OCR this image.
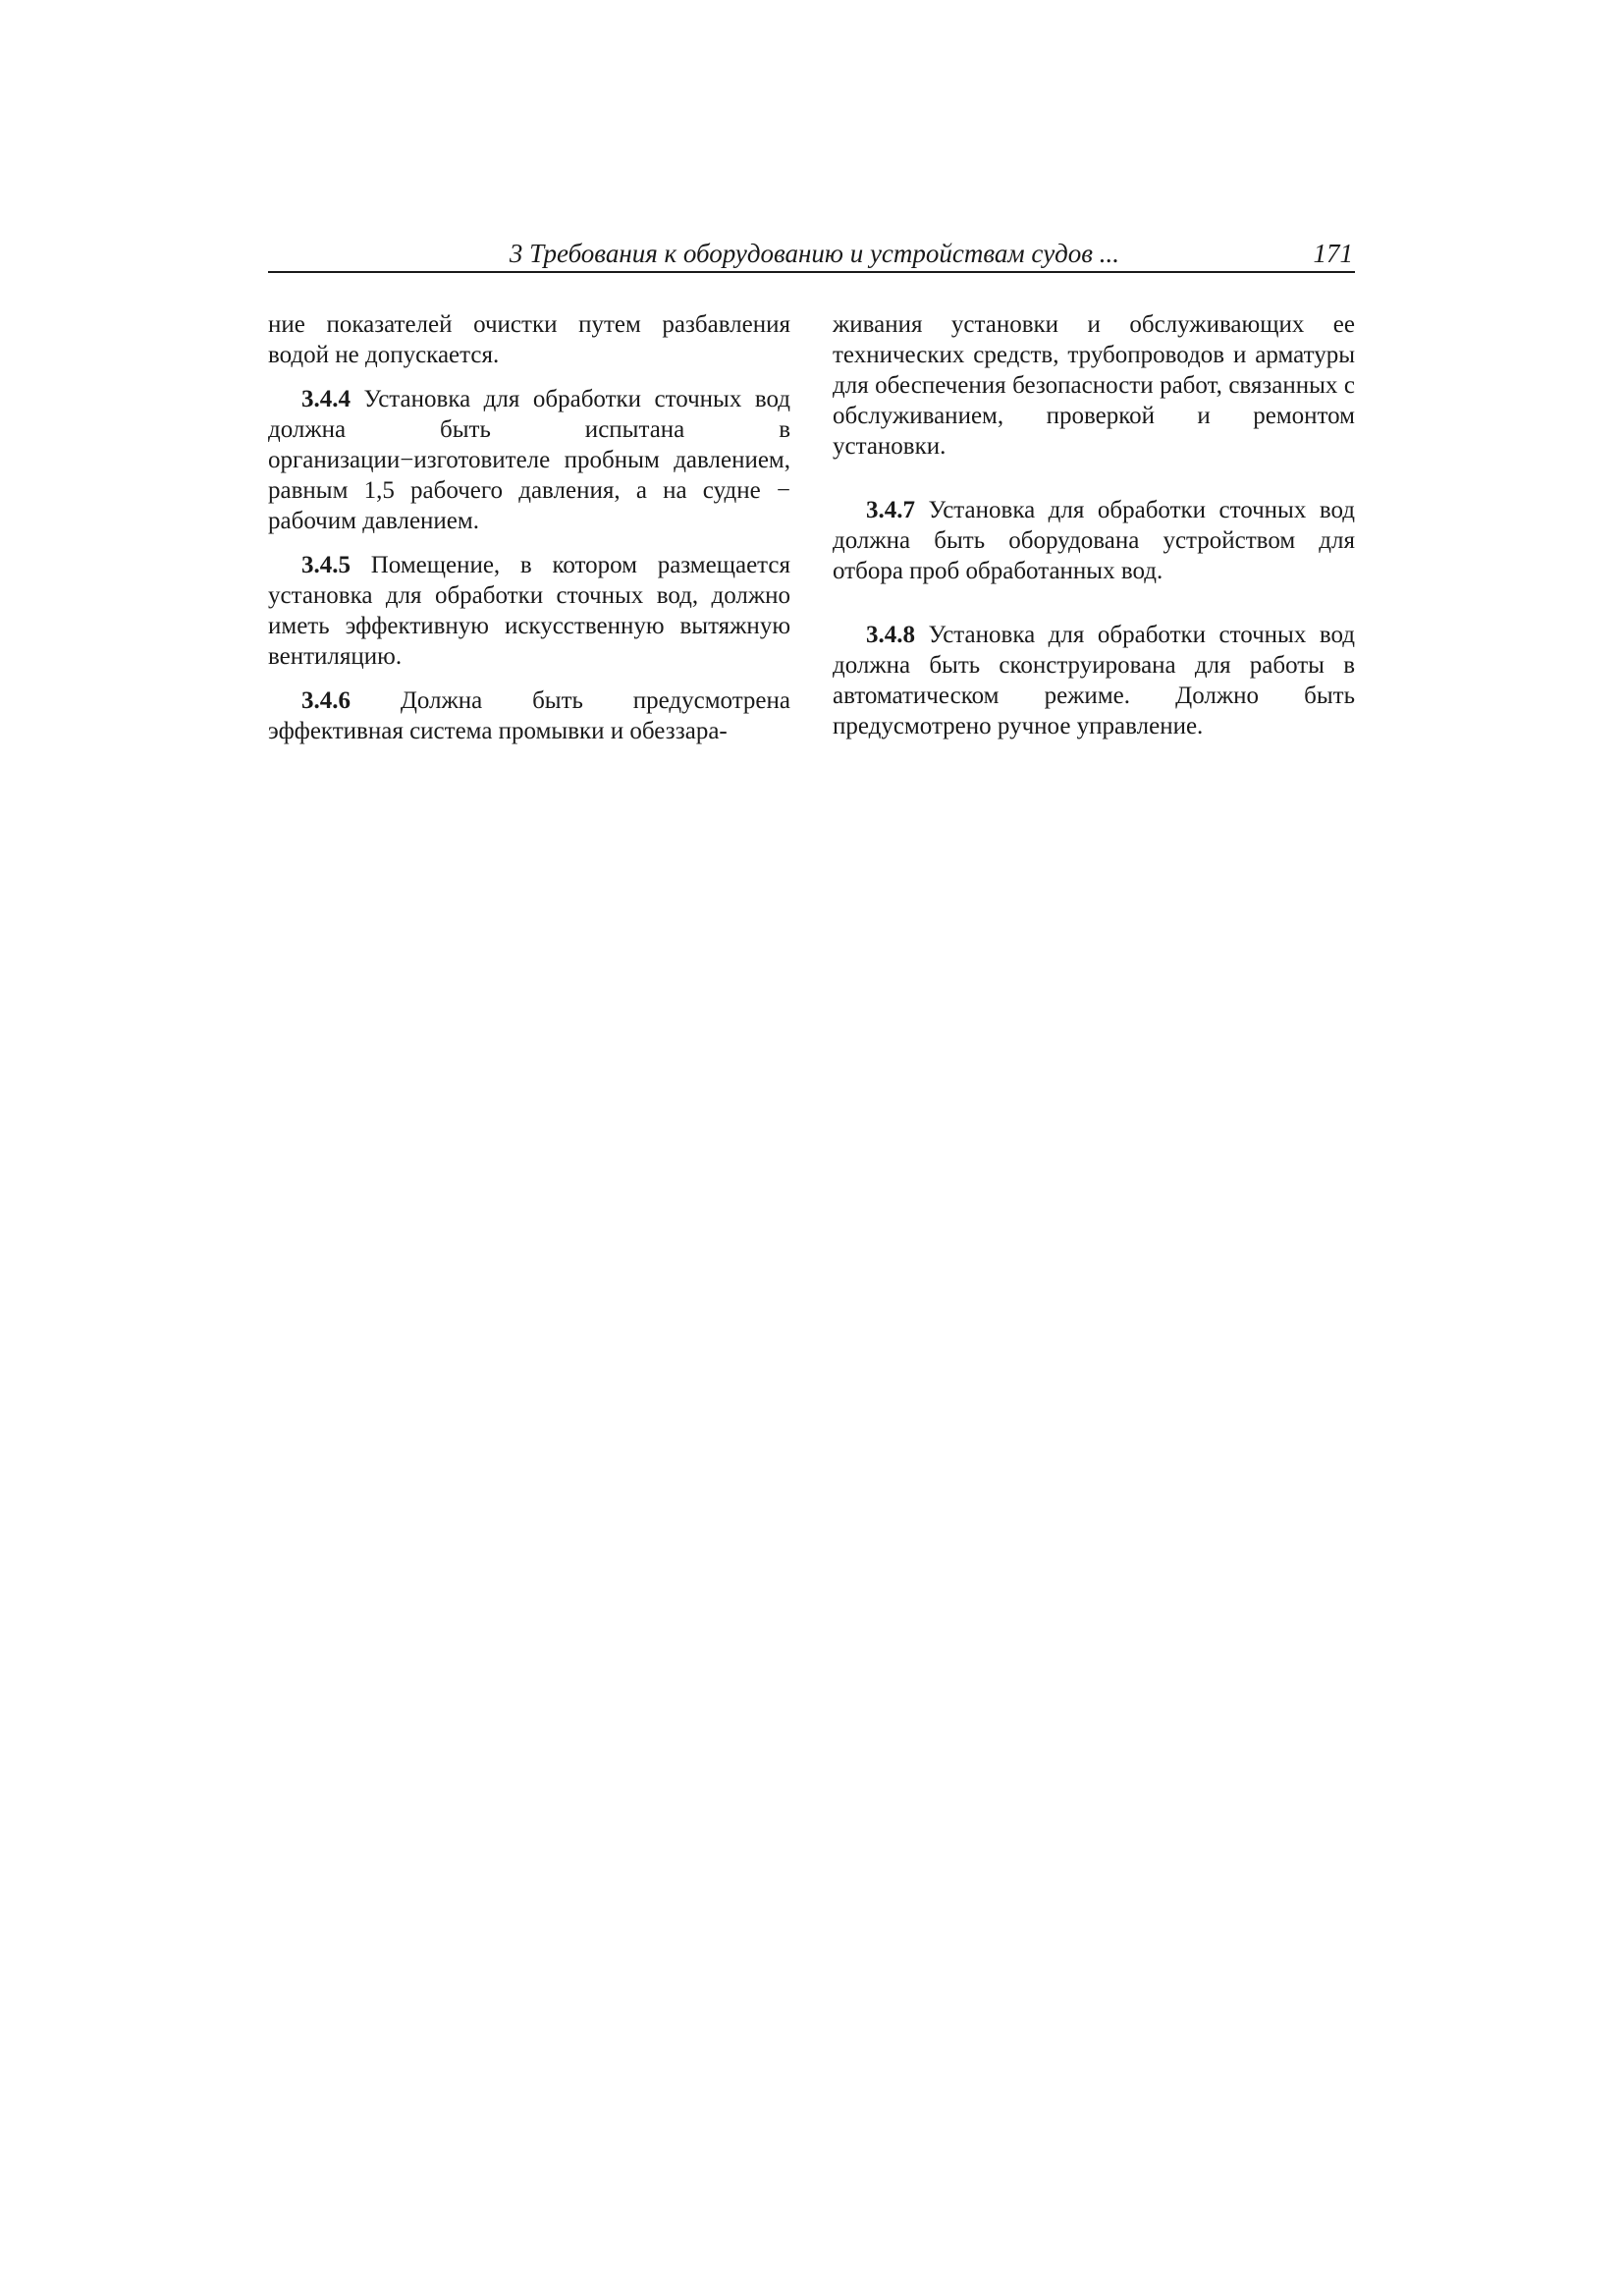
3 Требования к оборудованию и устройствам судов ...	171

ние показателей очистки путем разбавления водой не допускается.

3.4.4 Установка для обработки сточных вод должна быть испытана в организации−изготовителе пробным давлением, равным 1,5 рабочего давления, а на судне − рабочим давлением.

3.4.5 Помещение, в котором размещается установка для обработки сточных вод, должно иметь эффективную искусственную вытяжную вентиляцию.

3.4.6 Должна быть предусмотрена эффективная система промывки и обеззара-

живания установки и обслуживающих ее технических средств, трубопроводов и арматуры для обеспечения безопасности работ, связанных с обслуживанием, проверкой и ремонтом установки.

3.4.7 Установка для обработки сточных вод должна быть оборудована устройством для отбора проб обработанных вод.

3.4.8 Установка для обработки сточных вод должна быть сконструирована для работы в автоматическом режиме. Должно быть предусмотрено ручное управление.
